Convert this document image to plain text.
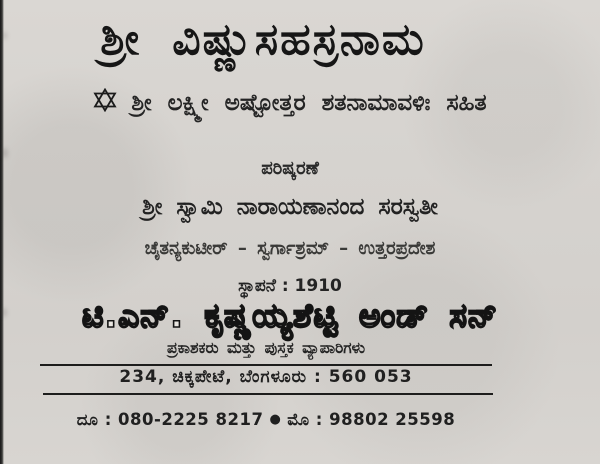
ಶ್ರೀ ವಿಷ್ಣುಸಹಸ್ರನಾಮ
ಶ್ರೀ ಲಕ್ಷ್ಮೀ ಅಷ್ಟೋತ್ತರ ಶತನಾಮಾವಳಿಃ ಸಹಿತ
ಪರಿಷ್ಕರಣೆ
ಶ್ರೀ ಸ್ವಾಮಿ ನಾರಾಯಣಾನಂದ ಸರಸ್ವತೀ
ಚೈತನ್ಯಕುಟೀರ್ – ಸ್ವರ್ಗಾಶ್ರಮ್ – ಉತ್ತರಪ್ರದೇಶ
ಸ್ಥಾಪನೆ : 1910
ಟಿ.ಎನ್. ಕೃಷ್ಣಯ್ಯಶೆಟ್ಟಿ ಅಂಡ್ ಸನ್
ಪ್ರಕಾಶಕರು ಮತ್ತು ಪುಸ್ತಕ ವ್ಯಾಪಾರಿಗಳು
234, ಚಿಕ್ಕಪೇಟೆ, ಬೆಂಗಳೂರು : 560 053
ದೂ : 080-2225 8217 ● ಮೊ : 98802 25598
